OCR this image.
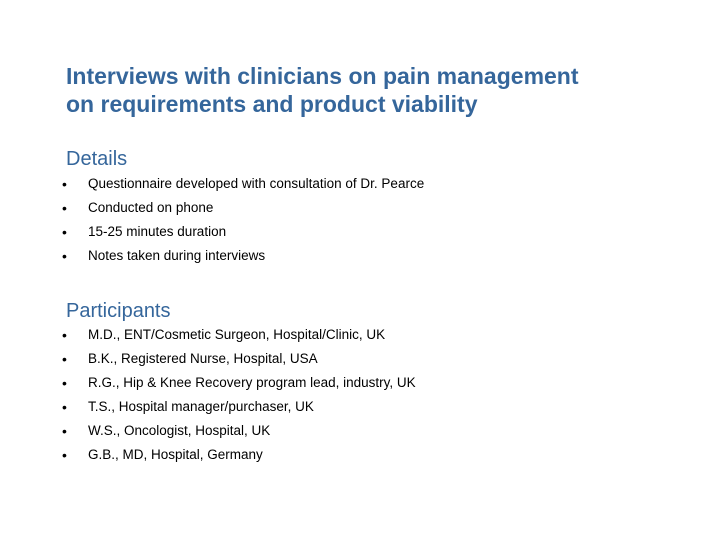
Interviews with clinicians on pain management
on requirements and product viability
Details
• Questionnaire developed with consultation of Dr. Pearce
• Conducted on phone
• 15-25 minutes duration
• Notes taken during interviews
Participants
• M.D., ENT/Cosmetic Surgeon, Hospital/Clinic, UK
• B.K., Registered Nurse, Hospital, USA
• R.G., Hip & Knee Recovery program lead, industry, UK
• T.S., Hospital manager/purchaser, UK
• W.S., Oncologist, Hospital, UK
• G.B., MD, Hospital, Germany
